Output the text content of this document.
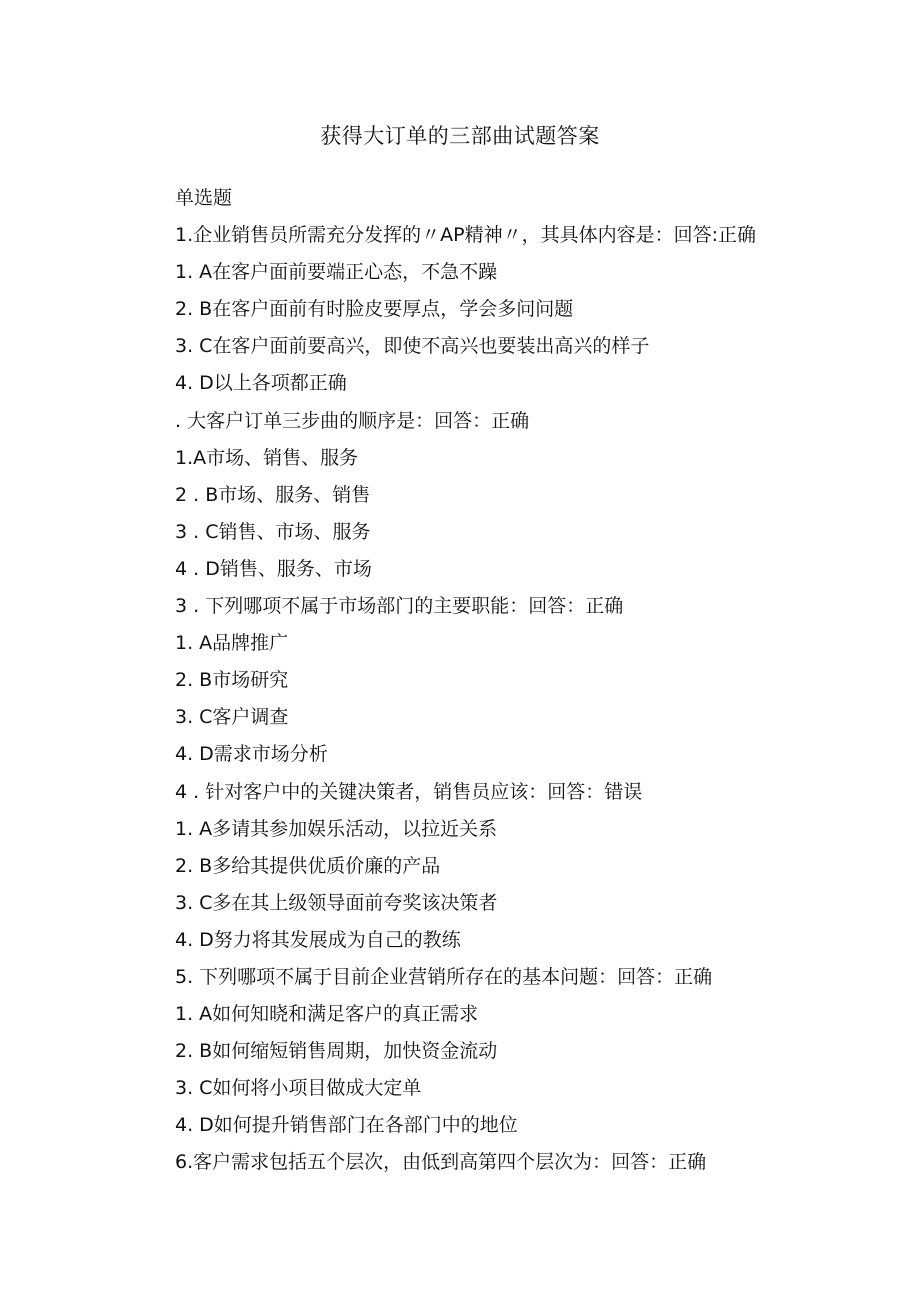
获得大订单的三部曲试题答案

单选题

1.企业销售员所需充分发挥的〃AP精神〃，其具体内容是：回答:正确

1. A在客户面前要端正心态，不急不躁

2. B在客户面前有时脸皮要厚点，学会多问问题

3. C在客户面前要高兴，即使不高兴也要装出高兴的样子

4. D以上各项都正确

. 大客户订单三步曲的顺序是：回答：正确

1.A市场、销售、服务

2 . B市场、服务、销售

3 . C销售、市场、服务

4 . D销售、服务、市场

3 . 下列哪项不属于市场部门的主要职能：回答：正确

1. A品牌推广

2. B市场研究

3. C客户调查

4. D需求市场分析

4 . 针对客户中的关键决策者，销售员应该：回答：错误

1. A多请其参加娱乐活动，以拉近关系

2. B多给其提供优质价廉的产品

3. C多在其上级领导面前夸奖该决策者

4. D努力将其发展成为自己的教练

5. 下列哪项不属于目前企业营销所存在的基本问题：回答：正确

1. A如何知晓和满足客户的真正需求

2. B如何缩短销售周期，加快资金流动

3. C如何将小项目做成大定单

4. D如何提升销售部门在各部门中的地位

6.客户需求包括五个层次，由低到高第四个层次为：回答：正确
